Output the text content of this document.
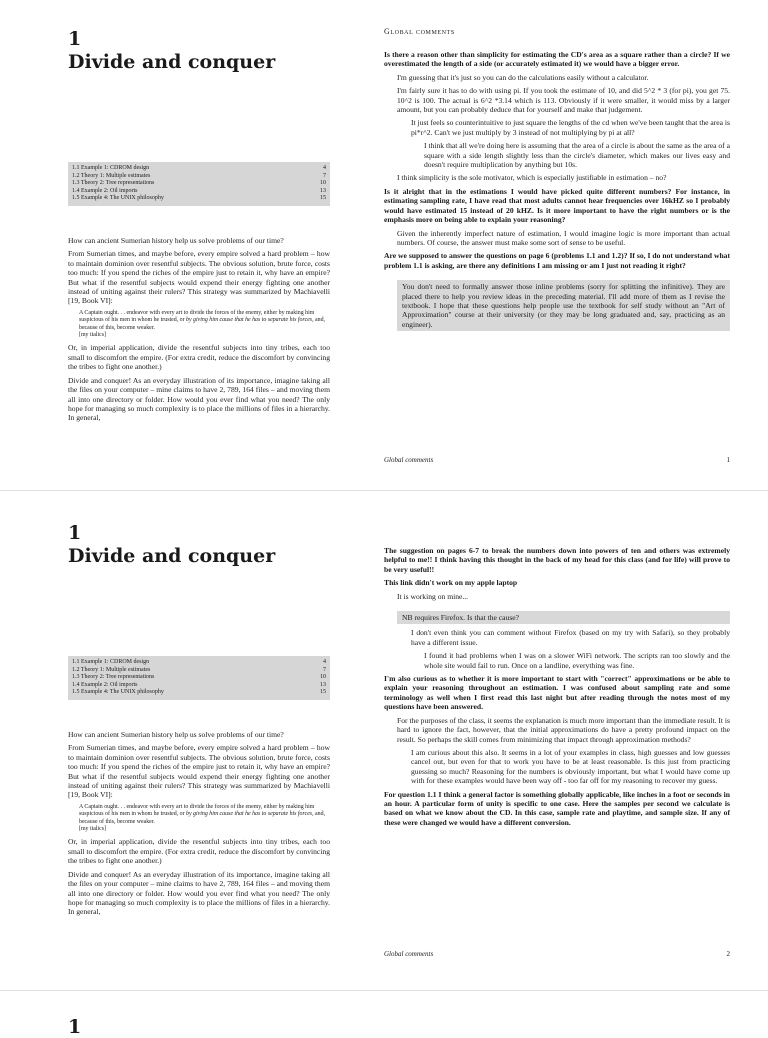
1

Divide and conquer

1.1 Example 1: CDROM design	4
1.2 Theory 1: Multiple estimates	7
1.3 Theory 2: Tree representations	10
1.4 Example 2: Oil imports	13
1.5 Example 4: The UNIX philosophy	15

How can ancient Sumerian history help us solve problems of our time?

From Sumerian times, and maybe before, every empire solved a hard problem – how to maintain dominion over resentful subjects. The obvious solution, brute force, costs too much: If you spend the riches of the empire just to retain it, why have an empire? But what if the resentful subjects would expend their energy fighting one another instead of uniting against their rulers? This strategy was summarized by Machiavelli [19, Book VI]:

A Captain ought. . . endeavor with every art to divide the forces of the enemy, either by making him suspicious of his men in whom he trusted, or by giving him cause that he has to separate his forces, and, because of this, become weaker.
[my italics]

Or, in imperial application, divide the resentful subjects into tiny tribes, each too small to discomfort the empire. (For extra credit, reduce the discomfort by convincing the tribes to fight one another.)

Divide and conquer! As an everyday illustration of its importance, imagine taking all the files on your computer – mine claims to have 2, 789, 164 files – and moving them all into one directory or folder. How would you ever find what you need? The only hope for managing so much complexity is to place the millions of files in a hierarchy. In general,

Global comments

Is there a reason other than simplicity for estimating the CD's area as a square rather than a circle? If we overestimated the length of a side (or accurately estimated it) we would have a bigger error.

I'm guessing that it's just so you can do the calculations easily without a calculator.

I'm fairly sure it has to do with using pi. If you took the estimate of 10, and did 5^2 * 3 (for pi), you get 75. 10^2 is 100. The actual is 6^2 *3.14 which is 113. Obviously if it were smaller, it would miss by a larger amount, but you can probably deduce that for yourself and make that judgement.

It just feels so counterintuitive to just square the lengths of the cd when we've been taught that the area is pi*r^2. Can't we just multiply by 3 instead of not multiplying by pi at all?

I think that all we're doing here is assuming that the area of a circle is about the same as the area of a square with a side length slightly less than the circle's diameter, which makes our lives easy and doesn't require multiplication by anything but 10s.

I think simplicity is the sole motivator, which is especially justifiable in estimation – no?

Is it alright that in the estimations I would have picked quite different numbers? For instance, in estimating sampling rate, I have read that most adults cannot hear frequencies over 16kHZ so I probably would have estimated 15 instead of 20 kHZ. Is it more important to have the right numbers or is the emphasis more on being able to explain your reasoning?

Given the inherently imperfect nature of estimation, I would imagine logic is more important than actual numbers. Of course, the answer must make some sort of sense to be useful.

Are we supposed to answer the questions on page 6 (problems 1.1 and 1.2)? If so, I do not understand what problem 1.1 is asking, are there any definitions I am missing or am I just not reading it right?

You don't need to formally answer those inline problems (sorry for splitting the infinitive). They are placed there to help you review ideas in the preceding material. I'll add more of them as I revise the textbook. I hope that these questions help people use the textbook for self study without an "Art of Approximation" course at their university (or they may be long graduated and, say, practicing as an engineer).

Global comments	1

1

Divide and conquer

1.1 Example 1: CDROM design	4
1.2 Theory 1: Multiple estimates	7
1.3 Theory 2: Tree representations	10
1.4 Example 2: Oil imports	13
1.5 Example 4: The UNIX philosophy	15

How can ancient Sumerian history help us solve problems of our time?

From Sumerian times, and maybe before, every empire solved a hard problem – how to maintain dominion over resentful subjects. The obvious solution, brute force, costs too much: If you spend the riches of the empire just to retain it, why have an empire? But what if the resentful subjects would expend their energy fighting one another instead of uniting against their rulers? This strategy was summarized by Machiavelli [19, Book VI]:

A Captain ought. . . endeavor with every art to divide the forces of the enemy, either by making him suspicious of his men in whom he trusted, or by giving him cause that he has to separate his forces, and, because of this, become weaker.
[my italics]

Or, in imperial application, divide the resentful subjects into tiny tribes, each too small to discomfort the empire. (For extra credit, reduce the discomfort by convincing the tribes to fight one another.)

Divide and conquer! As an everyday illustration of its importance, imagine taking all the files on your computer – mine claims to have 2, 789, 164 files – and moving them all into one directory or folder. How would you ever find what you need? The only hope for managing so much complexity is to place the millions of files in a hierarchy. In general,

The suggestion on pages 6-7 to break the numbers down into powers of ten and others was extremely helpful to me!! I think having this thought in the back of my head for this class (and for life) will prove to be very useful!!

This link didn't work on my apple laptop

It is working on mine...

NB requires Firefox. Is that the cause?

I don't even think you can comment without Firefox (based on my try with Safari), so they probably have a different issue.

I found it had problems when I was on a slower WiFi network. The scripts ran too slowly and the whole site would fail to run. Once on a landline, everything was fine.

I'm also curious as to whether it is more important to start with "correct" approximations or be able to explain your reasoning throughout an estimation. I was confused about sampling rate and some terminology as well when I first read this last night but after reading through the notes most of my questions have been answered.

For the purposes of the class, it seems the explanation is much more important than the immediate result. It is hard to ignore the fact, however, that the initial approximations do have a pretty profound impact on the result. So perhaps the skill comes from minimizing that impact through approximation methods?

I am curious about this also. It seems in a lot of your examples in class, high guesses and low guesses cancel out, but even for that to work you have to be at least reasonable. Is this just from practicing guessing so much? Reasoning for the numbers is obviously important, but what I would have come up with for these examples would have been way off - too far off for my reasoning to recover my guess.

For question 1.1 I think a general factor is something globally applicable, like inches in a foot or seconds in an hour. A particular form of unity is specific to one case. Here the samples per second we calculate is based on what we know about the CD. In this case, sample rate and playtime, and sample size. If any of these were changed we would have a different conversion.

Global comments	2

1
